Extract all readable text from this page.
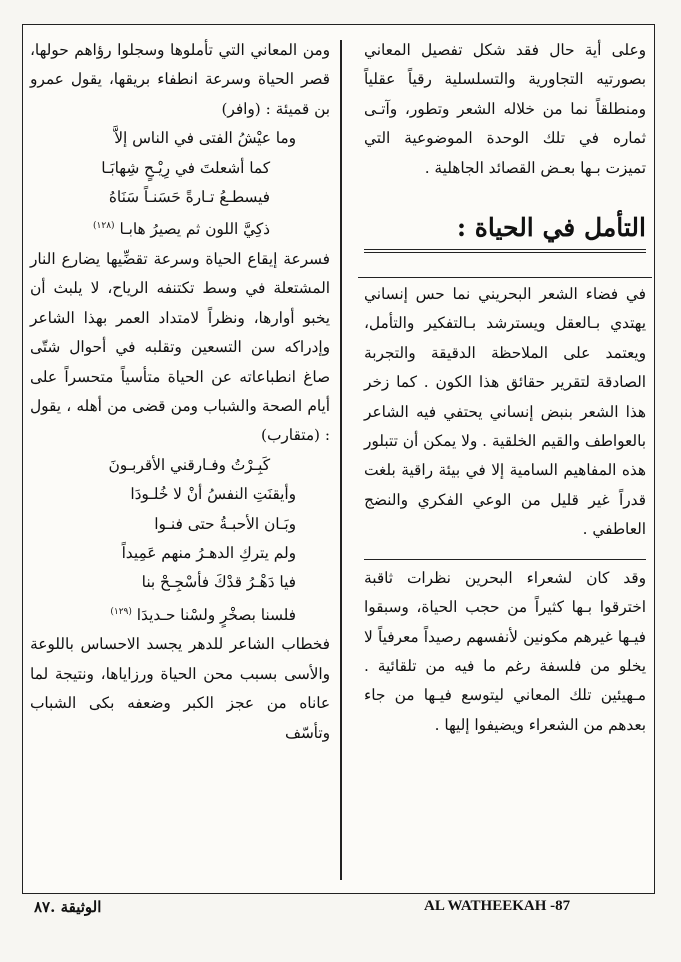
وعلى أية حال فقد شكل تفصيل المعاني بصورتيه التجاورية والتسلسلية رقياً عقلياً ومنطلقاً نما من خلاله الشعر وتطور، وآتـى ثماره في تلك الوحدة الموضوعية التي تميزت بـها بعـض القصائد الجاهلية .

التأمل في الحياة :

في فضاء الشعر البحريني نما حس إنساني يهتدي بـالعقل ويسترشد بـالتفكير والتأمل، ويعتمد على الملاحظة الدقيقة والتجربة الصادقة لتقرير حقائق هذا الكون . كما زخر هذا الشعر بنبض إنساني يحتفي فيه الشاعر بالعواطف والقيم الخلقية . ولا يمكن أن تتبلور هذه المفاهيم السامية إلا في بيئة راقية بلغت قدراً غير قليل من الوعي الفكري والنضج العاطفي .

وقد كان لشعراء البحرين نظرات ثاقبة اخترقوا بـها كثيراً من حجب الحياة، وسبقوا فيـها غيرهم مكونين لأنفسهم رصيداً معرفياً لا يخلو من فلسفة رغم ما فيه من تلقائية . مـهيئين تلك المعاني ليتوسع فيـها من جاء بعدهم من الشعراء ويضيفوا إليها .

ومن المعاني التي تأملوها وسجلوا رؤاهم حولها، قصر الحياة وسرعة انطفاء بريقها، يقول عمرو بن قميئة : (وافر)

وما عيْشُ الفتى في الناس إلاَّ

كما أشعلتَ في رِيْـحٍ شِهابَـا

فيسطـعُ تـارةً حَسَنـاً سَنَاهُ

ذكِيَّ اللون ثم يصيرُ هابـا $^{(١٢٨)}$

فسرعة إيقاع الحياة وسرعة تقضِّيها يضارع النار المشتعلة في وسط تكتنفه الرياح، لا يلبث أن يخبو أوارها، ونظراً لامتداد العمر بهذا الشاعر وإدراكه سن التسعين وتقلبه في أحوال شتّى صاغ انطباعاته عن الحياة متأسياً متحسراً على أيام الصحة والشباب ومن قضى من أهله ، يقول : (متقارب)

كَبِـرْتُ وفـارقني الأقربـونَ

وأيقنَتِ النفسُ أنْ لا خُلـودَا

وبَـان الأحبـةُ حتى فنـوا

ولم يتركِ الدهـرُ منهم عَمِيداً

فيا دَهْـرُ قدْكَ فأسْجِـحْ بنا

فلسنا بصخْرٍ ولسْنا حـديدَا $^{(١٢٩)}$

فخطاب الشاعر للدهر يجسد الاحساس باللوعة والأسى بسبب محن الحياة ورزاياها، ونتيجة لما عاناه من عجز الكبر وضعفه بكى الشباب وتأسّف

الوثيقة .٨٧	AL WATHEEKAH -87
